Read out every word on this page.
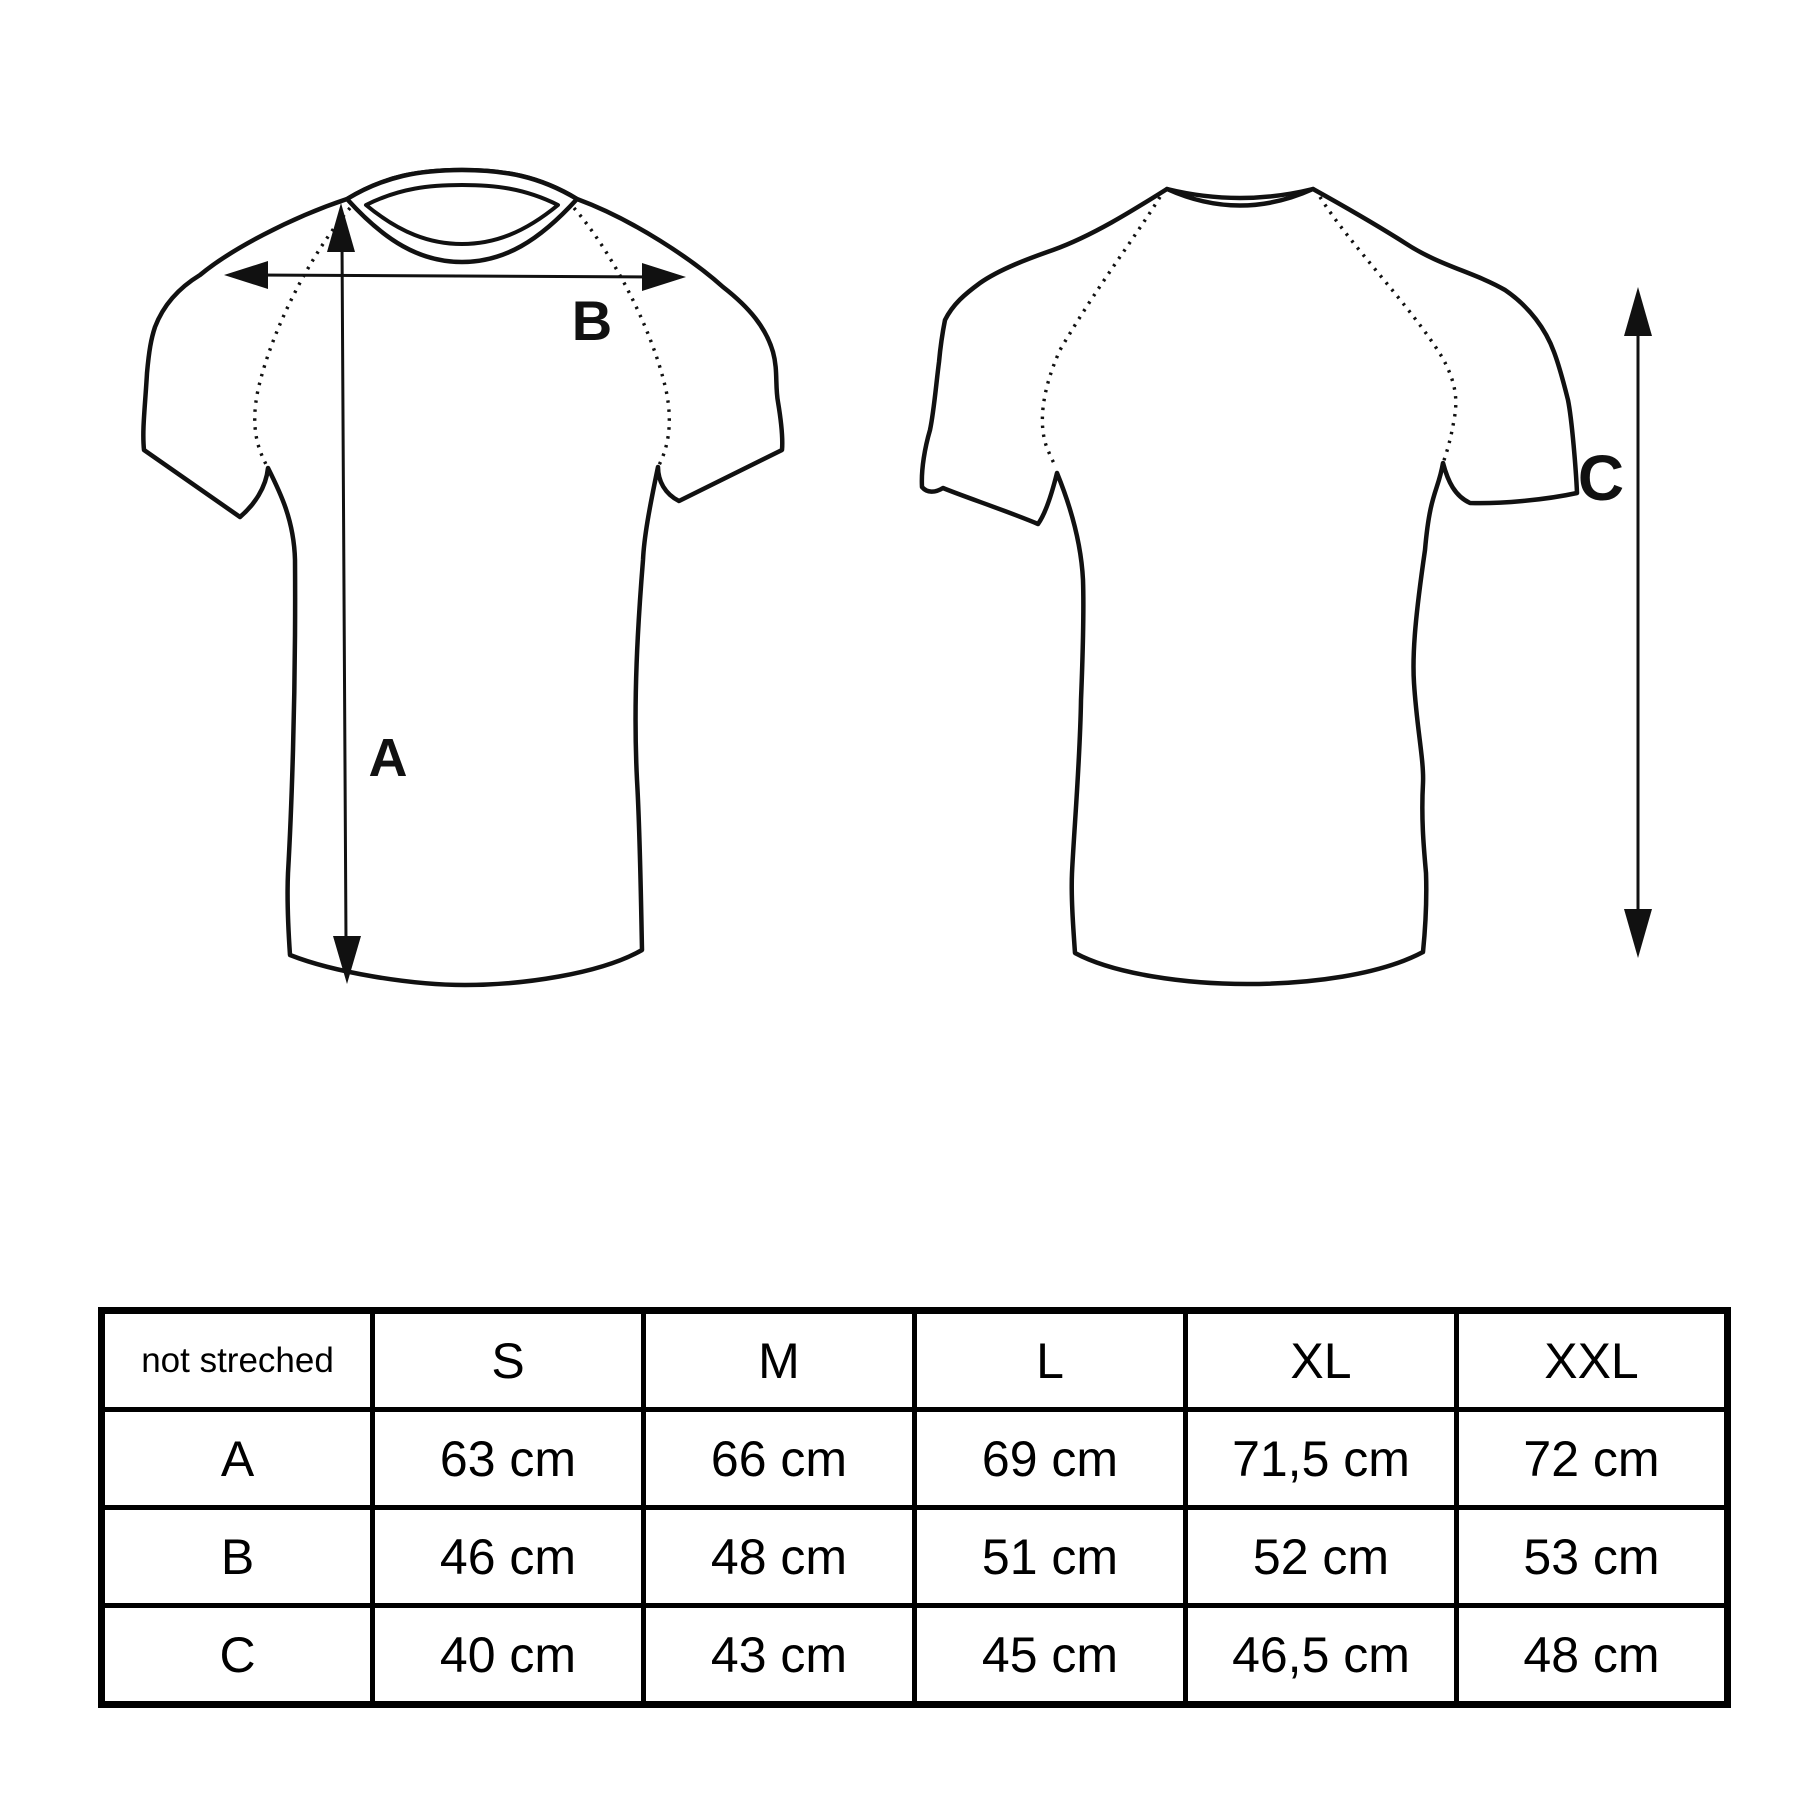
A
B
C
not streched	S	M	L	XL	XXL
A	63 cm	66 cm	69 cm	71,5 cm	72 cm
B	46 cm	48 cm	51 cm	52 cm	53 cm
C	40 cm	43 cm	45 cm	46,5 cm	48 cm
